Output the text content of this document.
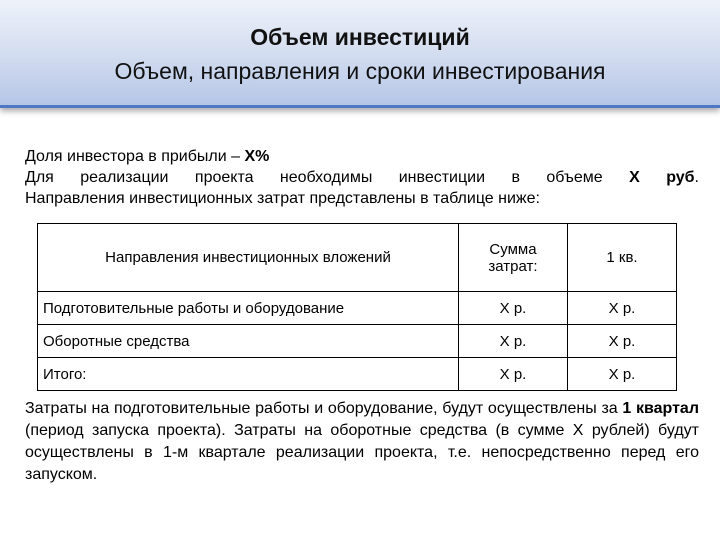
Объем инвестиций
Объем, направления и сроки инвестирования

Доля инвестора в прибыли – Х%

Для реализации проекта необходимы инвестиции в объеме Х руб.

Направления инвестиционных затрат представлены в таблице ниже:

Направления инвестиционных вложений	Сумма затрат:	1 кв.
Подготовительные работы и оборудование	Х р.	Х р.
Оборотные средства	Х р.	Х р.
Итого:	Х р.	Х р.

Затраты на подготовительные работы и оборудование, будут осуществлены за 1 квартал (период запуска проекта). Затраты на оборотные средства (в сумме Х рублей) будут осуществлены в 1-м квартале реализации проекта, т.е. непосредственно перед его запуском.
